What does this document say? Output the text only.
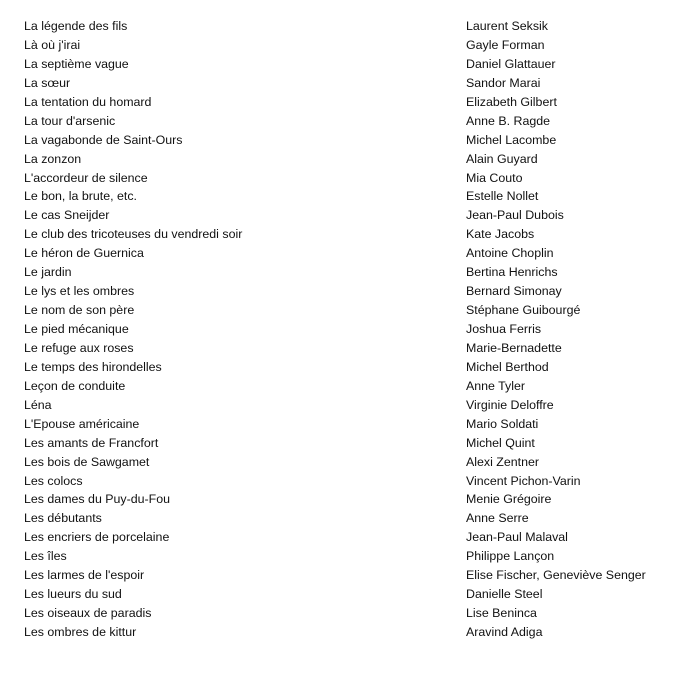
La légende des fils	Laurent Seksik
Là où j'irai	Gayle Forman
La septième vague	Daniel Glattauer
La sœur	Sandor Marai
La tentation du homard	Elizabeth Gilbert
La tour d'arsenic	Anne B. Ragde
La vagabonde de Saint-Ours	Michel Lacombe
La zonzon	Alain Guyard
L'accordeur de silence	Mia Couto
Le bon, la brute, etc.	Estelle Nollet
Le cas Sneijder	Jean-Paul Dubois
Le club des tricoteuses du vendredi soir	Kate Jacobs
Le héron de Guernica	Antoine Choplin
Le jardin	Bertina Henrichs
Le lys et les ombres	Bernard Simonay
Le nom de son père	Stéphane Guibourgé
Le pied mécanique	Joshua Ferris
Le refuge aux roses	Marie-Bernadette
Le temps des hirondelles	Michel Berthod
Leçon de conduite	Anne Tyler
Léna	Virginie Deloffre
L'Epouse américaine	Mario Soldati
Les amants de Francfort	Michel Quint
Les bois de Sawgamet	Alexi Zentner
Les colocs	Vincent Pichon-Varin
Les dames du Puy-du-Fou	Menie Grégoire
Les débutants	Anne Serre
Les encriers de porcelaine	Jean-Paul Malaval
Les îles	Philippe Lançon
Les larmes de l'espoir	Elise Fischer, Geneviève Senger
Les lueurs du sud	Danielle Steel
Les oiseaux de paradis	Lise Beninca
Les ombres de kittur	Aravind Adiga
